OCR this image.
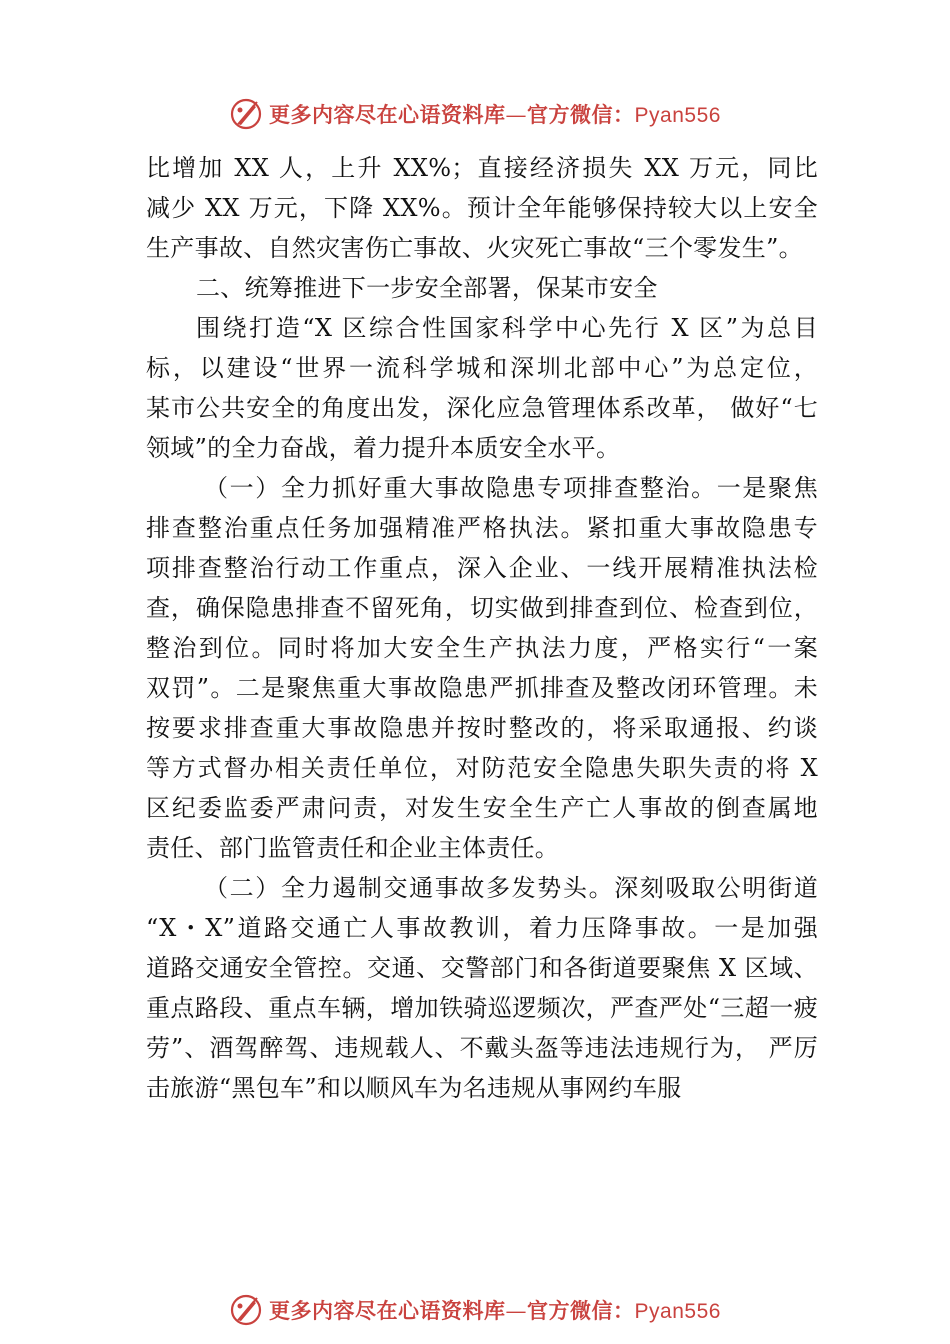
更多内容尽在心语资料库—官方微信：Pyan556
比增加 XX 人，上升 XX%；直接经济损失 XX 万元，同比
减少 XX 万元，下降 XX%。预计全年能够保持较大以上安全
生产事故、自然灾害伤亡事故、火灾死亡事故“三个零发生”。
二、统筹推进下一步安全部署，保某市安全
围绕打造“X 区综合性国家科学中心先行 X 区”为总目
标，以建设“世界一流科学城和深圳北部中心”为总定位，
某市公共安全的角度出发，深化应急管理体系改革， 做好“七
领域”的全力奋战，着力提升本质安全水平。
（一）全力抓好重大事故隐患专项排查整治。一是聚焦
排查整治重点任务加强精准严格执法。紧扣重大事故隐患专
项排查整治行动工作重点，深入企业、一线开展精准执法检
查，确保隐患排查不留死角，切实做到排查到位、检查到位，
整治到位。同时将加大安全生产执法力度，严格实行“一案
双罚”。二是聚焦重大事故隐患严抓排查及整改闭环管理。未
按要求排查重大事故隐患并按时整改的，将采取通报、约谈
等方式督办相关责任单位，对防范安全隐患失职失责的将 X
区纪委监委严肃问责，对发生安全生产亡人事故的倒查属地
责任、部门监管责任和企业主体责任。
（二）全力遏制交通事故多发势头。深刻吸取公明街道
“X・X”道路交通亡人事故教训，着力压降事故。一是加强
道路交通安全管控。交通、交警部门和各街道要聚焦 X 区域、
重点路段、重点车辆，增加铁骑巡逻频次，严查严处“三超一疲
劳”、酒驾醉驾、违规载人、不戴头盔等违法违规行为， 严厉
击旅游“黑包车”和以顺风车为名违规从事网约车服
更多内容尽在心语资料库—官方微信：Pyan556
